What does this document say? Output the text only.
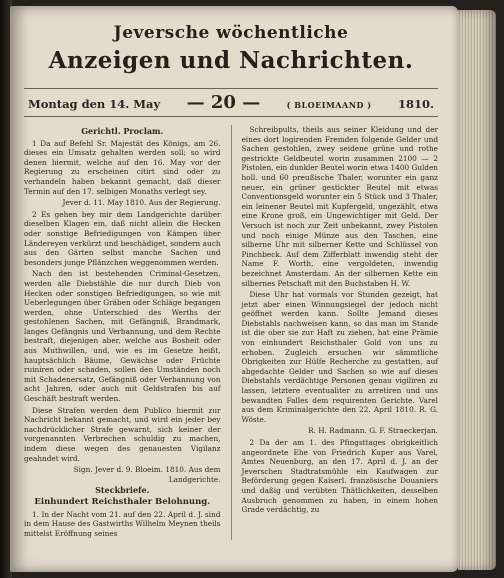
Jeversche wöchentliche
Anzeigen und Nachrichten.
Montag den 14. May — 20 —	( BLOEIMAAND ) 1810.

Gerichtl. Proclam.

1 Da auf Befehl Sr. Majestät des Königs, am 26. dieses ein Umsatz gehalten werden soll; so wird denen hiermit, welche auf den 16. May vor der Regierung zu erscheinen citirt sind oder zu verhandeln haben bekannt gemacht, daß dieser Termin auf den 17. selbigen Monaths verlegt sey.

Jever d. 11. May 1810. Aus der Regierung.

2 Es gehen bey mir dem Landgerichte darüber dieselben Klagen ein, daß nicht allein die Hecken oder sonstige Befriedigungen von Kämpen über Ländereyen verkürzt und beschädiget, sondern auch aus den Gärten selbst manche Sachen und besonders junge Pflänzchen weggenommen werden.

Nach den ist bestehenden Criminal-Gesetzen, werden alle Diebstähle die nur durch Dieb von Hecken oder sonstigen Befriedigungen, so wie mit Ueberlegungen über Gräben oder Schläge begangen werden, ohne Unterschied des Werths der gestohlenen Sachen, mit Gefängniß, Brandmark, langes Gefängnis und Verbannung, und dem Rechte bestraft, diejenigen aber, welche aus Bosheit oder aus Muthwillen, und, wie es im Gesetze heißt, hauptsächlich Bäume, Gewächse oder Früchte ruiniren oder schaden, sollen den Umständen noch mit Schadenersatz, Gefängniß oder Verbannung von acht Jahren, oder auch mit Geldstrafen bis auf Geschäft bestraft werden.

Diese Strafen werden dem Publico hiermit zur Nachricht bekannt gemacht, und wird ein jeder bey nachdrücklicher Strafe gewarnt, sich keiner der vorgenannten Verbrechen schuldig zu machen, indem diese wegen des genauesten Vigilanz geahndet wird.

Sign. Jever d. 9. Bloeim. 1810. Aus dem Landgerichte.

Steckbriefe.

Einhundert Reichsthaler Belohnung.

1. In der Nacht vom 21. auf den 22. April d. J. sind in dem Hause des Gastwirths Wilhelm Meynen theils mittelst Eröffnung seines

Schreibpults, theils aus seiner Kleidung und der eines dort logirenden Fremden folgende Gelder und Sachen gestohlen, zwey seidene grüne und rothe gestrickte Geldbeutel worin zusammen 2100 — 2 Pistolen, ein dunkler Beutel worin etwa 1400 Gulden holl. und 60 preußische Thaler, worunter ein ganz neuer, ein grüner gestickter Beutel mit etwas Conventionsgeld worunter ein 5 Stück und 3 Thaler, ein leinener Beutel mit Kupfergeld, ungezählt, etwa eine Krone groß, ein Ungewichtiger mit Geld. Der Versuch ist noch zur Zeit unbekannt, zwey Pistolen und noch einige Münze aus den Taschen, eine silberne Uhr mit silberner Kette und Schlüssel von Pinchbeck. Auf dem Zifferblatt inwendig steht der Name F. Worth, eine vergoldeten, inwendig bezeichnet Amsterdam. An der silbernen Kette ein silbernes Petschaft mit den Buchstaben H. W.

Diese Uhr hat vormals vor Stunden gezeigt, hat jetzt aber einen Winnungsiegel der jedoch nicht geöffnet werden kann. Sollte Jemand dieses Diebstahls nachweisen kann, so das man im Stande ist die ober sie zur Haft zu ziehen, hat eine Prämie von einhundert Reichsthaler Gold von uns zu erhoben. Zugleich ersuchen wir sämmtliche Obrigkeiten zur Hülfe Recherche zu gestatten, auf abgedachte Gelder und Sachen so wie auf dieses Diebstahls verdächtige Personen genau vigiliren zu lassen, letztere eventualiter zu arretiren und uns bewandten Falles dem requirenten Gerichte. Varel aus dem Kriminalgerichte den 22. April 1810. R. G. Wöste.

R. H. Radmann. G. F. Straeckerjan.

2 Da der am 1. des Pfingsttages obrigkeitlich angeordnete Ehe von Friedrich Kuper aus Varel, Amtes Neuenburg, an den 17. April d. J. an der Jeverschen Stadtratsmühle ein Kaufwagen zur Beförderung gegen Kaiserl. französische Douaniers und daßig und verübten Thätlichkeiten, desselben Ausbruch genommen zu haben, in einem hohen Grade verdächtig, zu
